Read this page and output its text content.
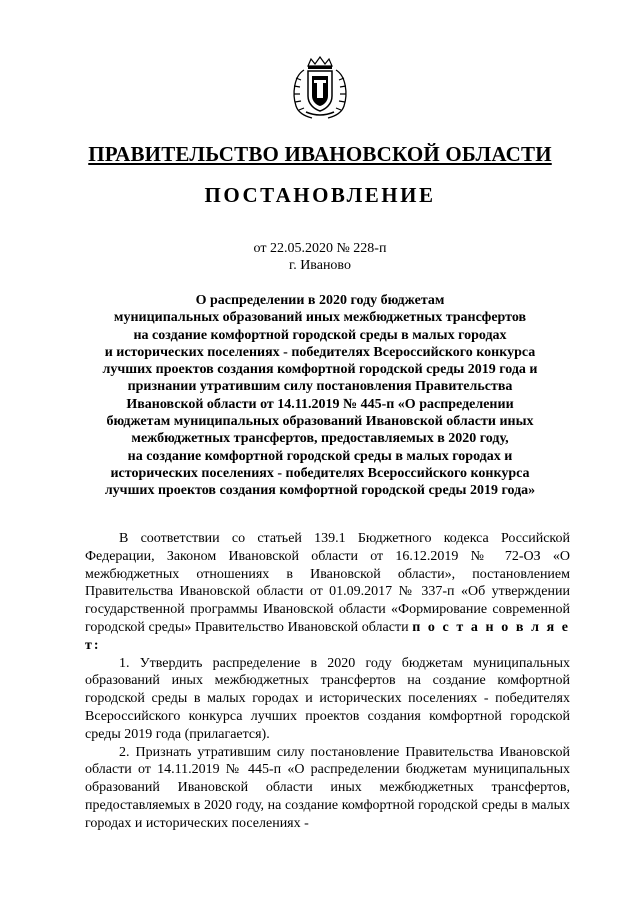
ПРАВИТЕЛЬСТВО ИВАНОВСКОЙ ОБЛАСТИ
ПОСТАНОВЛЕНИЕ
от 22.05.2020 № 228-п
г. Иваново
О распределении в 2020 году бюджетам
муниципальных образований иных межбюджетных трансфертов
на создание комфортной городской среды в малых городах
и исторических поселениях - победителях Всероссийского конкурса
лучших проектов создания комфортной городской среды 2019 года и
признании утратившим силу постановления Правительства
Ивановской области от 14.11.2019 № 445-п «О распределении
бюджетам муниципальных образований Ивановской области иных
межбюджетных трансфертов, предоставляемых в 2020 году,
на создание комфортной городской среды в малых городах и
исторических поселениях - победителях Всероссийского конкурса
лучших проектов создания комфортной городской среды 2019 года»

В соответствии со статьей 139.1 Бюджетного кодекса Российской Федерации, Законом Ивановской области от 16.12.2019 № 72-ОЗ «О межбюджетных отношениях в Ивановской области», постановлением Правительства Ивановской области от 01.09.2017 № 337-п «Об утверждении государственной программы Ивановской области «Формирование современной городской среды» Правительство Ивановской области п о с т а н о в л я е т:

1. Утвердить распределение в 2020 году бюджетам муниципальных образований иных межбюджетных трансфертов на создание комфортной городской среды в малых городах и исторических поселениях - победителях Всероссийского конкурса лучших проектов создания комфортной городской среды 2019 года (прилагается).

2. Признать утратившим силу постановление Правительства Ивановской области от 14.11.2019 № 445-п «О распределении бюджетам муниципальных образований Ивановской области иных межбюджетных трансфертов, предоставляемых в 2020 году, на создание комфортной городской среды в малых городах и исторических поселениях -
